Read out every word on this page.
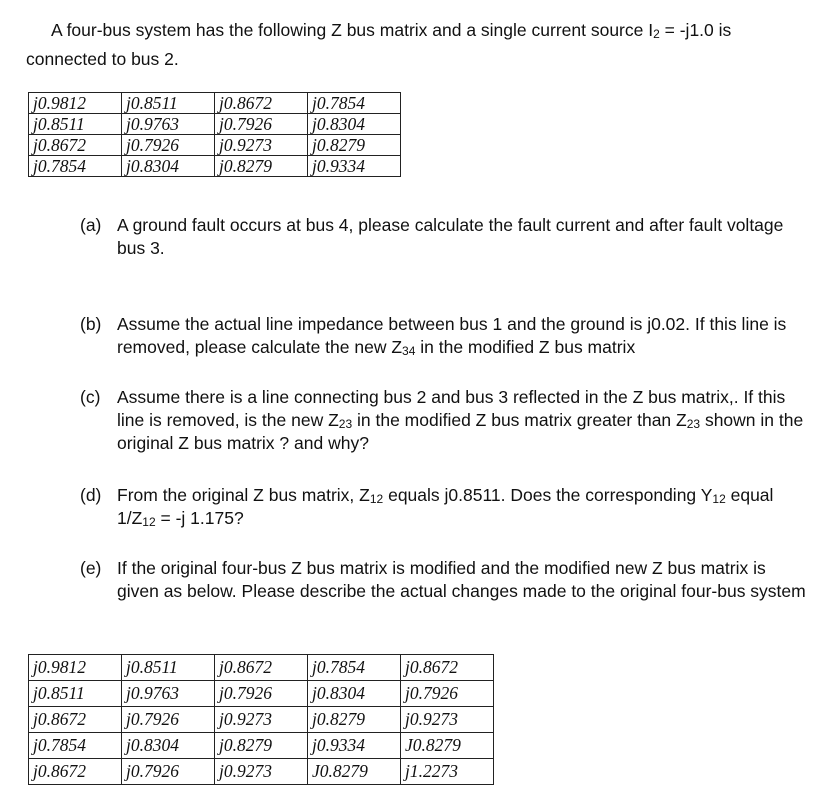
A four-bus system has the following Z bus matrix and a single current source $I_2 = -j1.0$ is
connected to bus 2.
j0.9812	j0.8511	j0.8672	j0.7854
j0.8511	j0.9763	j0.7926	j0.8304
j0.8672	j0.7926	j0.9273	j0.8279
j0.7854	j0.8304	j0.8279	j0.9334
(a) A ground fault occurs at bus 4, please calculate the fault current and after fault voltage bus 3.
(b) Assume the actual line impedance between bus 1 and the ground is j0.02. If this line is removed, please calculate the new $Z_{34}$ in the modified Z bus matrix
(c) Assume there is a line connecting bus 2 and bus 3 reflected in the Z bus matrix,. If this line is removed, is the new $Z_{23}$ in the modified Z bus matrix greater than $Z_{23}$ shown in the original Z bus matrix ? and why?
(d) From the original Z bus matrix, $Z_{12}$ equals j0.8511. Does the corresponding $Y_{12}$ equal $1/Z_{12} = -j$ 1.175?
(e) If the original four-bus Z bus matrix is modified and the modified new Z bus matrix is given as below. Please describe the actual changes made to the original four-bus system
j0.9812	j0.8511	j0.8672	j0.7854	j0.8672
j0.8511	j0.9763	j0.7926	j0.8304	j0.7926
j0.8672	j0.7926	j0.9273	j0.8279	j0.9273
j0.7854	j0.8304	j0.8279	j0.9334	J0.8279
j0.8672	j0.7926	j0.9273	J0.8279	j1.2273
